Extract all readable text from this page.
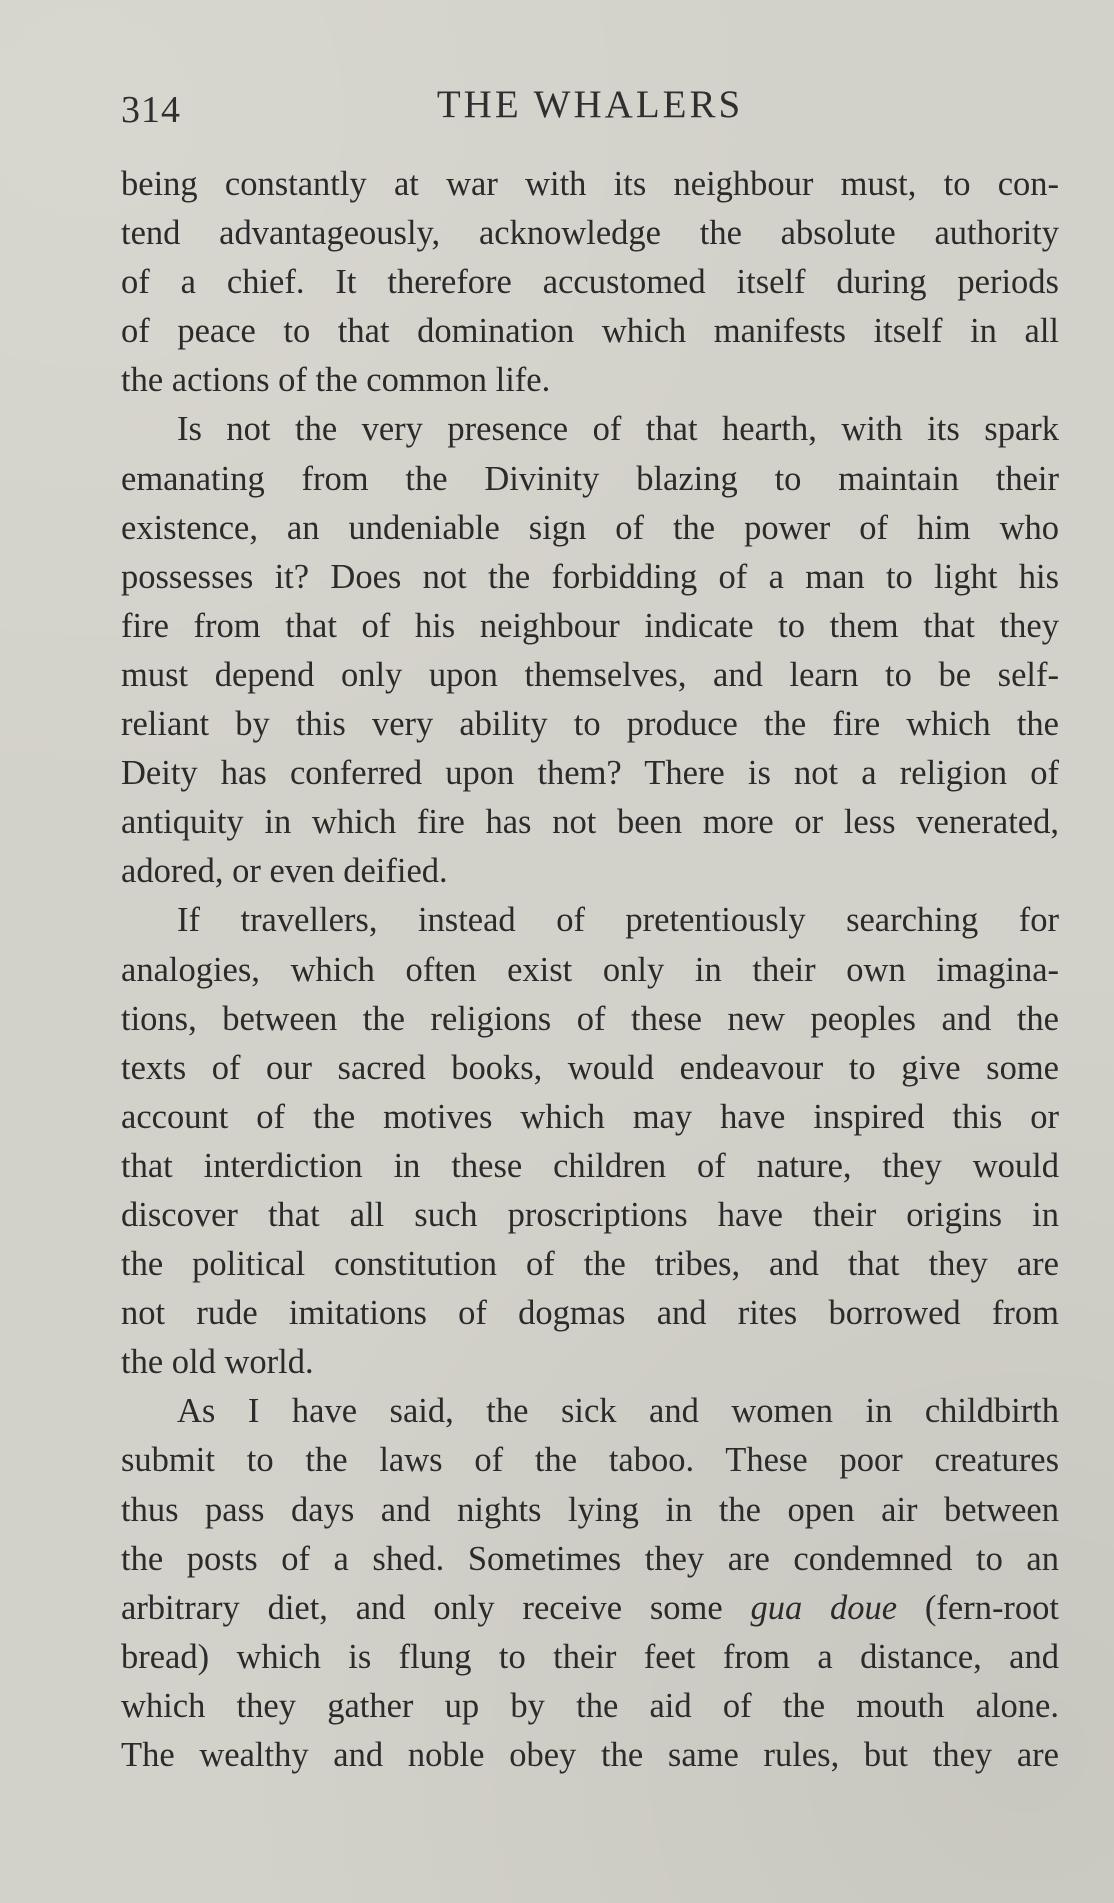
314	THE WHALERS
being constantly at war with its neighbour must, to con-
tend advantageously, acknowledge the absolute authority
of a chief. It therefore accustomed itself during periods
of peace to that domination which manifests itself in all
the actions of the common life.
Is not the very presence of that hearth, with its spark
emanating from the Divinity blazing to maintain their
existence, an undeniable sign of the power of him who
possesses it? Does not the forbidding of a man to light his
fire from that of his neighbour indicate to them that they
must depend only upon themselves, and learn to be self-
reliant by this very ability to produce the fire which the
Deity has conferred upon them? There is not a religion of
antiquity in which fire has not been more or less venerated,
adored, or even deified.
If travellers, instead of pretentiously searching for
analogies, which often exist only in their own imagina-
tions, between the religions of these new peoples and the
texts of our sacred books, would endeavour to give some
account of the motives which may have inspired this or
that interdiction in these children of nature, they would
discover that all such proscriptions have their origins in
the political constitution of the tribes, and that they are
not rude imitations of dogmas and rites borrowed from
the old world.
As I have said, the sick and women in childbirth
submit to the laws of the taboo. These poor creatures
thus pass days and nights lying in the open air between
the posts of a shed. Sometimes they are condemned to an
arbitrary diet, and only receive some gua doue (fern-root
bread) which is flung to their feet from a distance, and
which they gather up by the aid of the mouth alone.
The wealthy and noble obey the same rules, but they are
